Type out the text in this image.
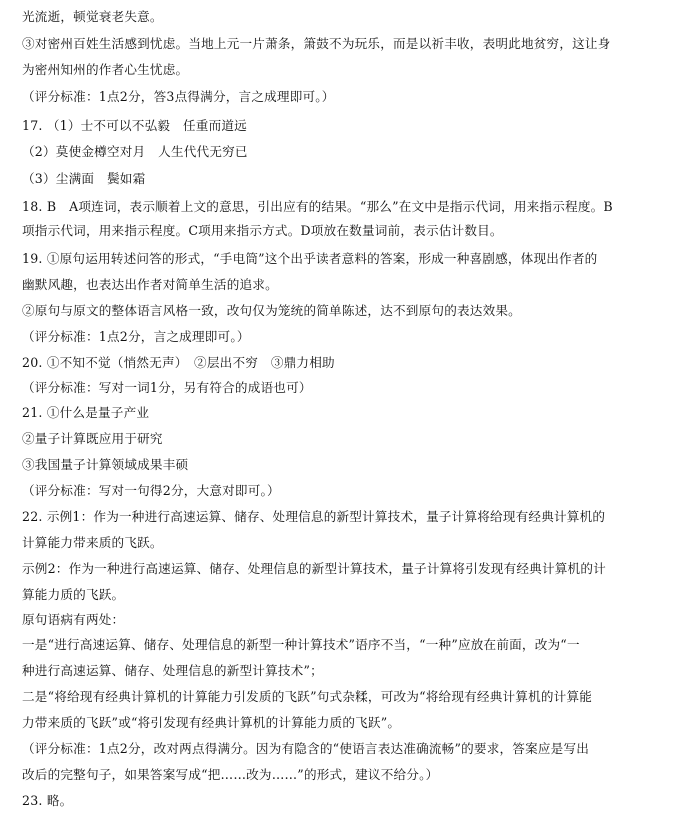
光流逝，顿觉衰老失意。
③对密州百姓生活感到忧虑。当地上元一片萧条，箫鼓不为玩乐，而是以祈丰收，表明此地贫穷，这让身
为密州知州的作者心生忧虑。
（评分标准：1点2分，答3点得满分，言之成理即可。）
17. （1）士不可以不弘毅　任重而道远
（2）莫使金樽空对月　人生代代无穷已
（3）尘满面　鬓如霜
18. B　A项连词，表示顺着上文的意思，引出应有的结果。“那么”在文中是指示代词，用来指示程度。B
项指示代词，用来指示程度。C项用来指示方式。D项放在数量词前，表示估计数目。
19. ①原句运用转述问答的形式，“手电筒”这个出乎读者意料的答案，形成一种喜剧感，体现出作者的
幽默风趣，也表达出作者对简单生活的追求。
②原句与原文的整体语言风格一致，改句仅为笼统的简单陈述，达不到原句的表达效果。
（评分标准：1点2分，言之成理即可。）
20. ①不知不觉（悄然无声）　②层出不穷　③鼎力相助
（评分标准：写对一词1分，另有符合的成语也可）
21. ①什么是量子产业
②量子计算既应用于研究
③我国量子计算领域成果丰硕
（评分标准：写对一句得2分，大意对即可。）
22. 示例1：作为一种进行高速运算、储存、处理信息的新型计算技术，量子计算将给现有经典计算机的
计算能力带来质的飞跃。
示例2：作为一种进行高速运算、储存、处理信息的新型计算技术，量子计算将引发现有经典计算机的计
算能力质的飞跃。
原句语病有两处：
一是“进行高速运算、储存、处理信息的新型一种计算技术”语序不当，“一种”应放在前面，改为“一
种进行高速运算、储存、处理信息的新型计算技术”；
二是“将给现有经典计算机的计算能力引发质的飞跃”句式杂糅，可改为“将给现有经典计算机的计算能
力带来质的飞跃”或“将引发现有经典计算机的计算能力质的飞跃”。
（评分标准：1点2分，改对两点得满分。因为有隐含的“使语言表达准确流畅”的要求，答案应是写出
改后的完整句子，如果答案写成“把……改为……”的形式，建议不给分。）
23. 略。
